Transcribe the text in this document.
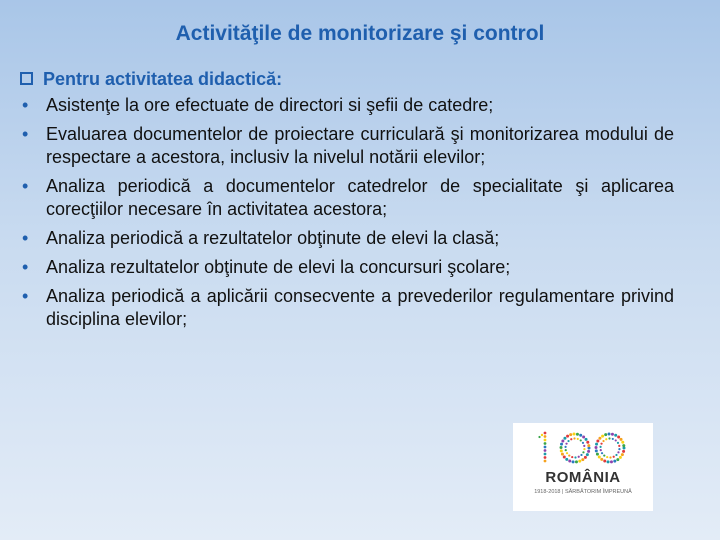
Activităţile de monitorizare şi control
Pentru activitatea didactică:
• Asistenţe la ore efectuate de directori si şefii de catedre;
• Evaluarea documentelor de proiectare curriculară şi monitorizarea modului de respectare a acestora, inclusiv la nivelul notării elevilor;
• Analiza periodică a documentelor catedrelor de specialitate şi aplicarea corecţiilor necesare în activitatea acestora;
• Analiza periodică a rezultatelor obţinute de elevi la clasă;
• Analiza rezultatelor obţinute de elevi la concursuri şcolare;
• Analiza periodică a aplicării consecvente a prevederilor regulamentare privind disciplina elevilor;
ROMÂNIA
1918-2018 | SĂRBĂTORIM ÎMPREUNĂ
